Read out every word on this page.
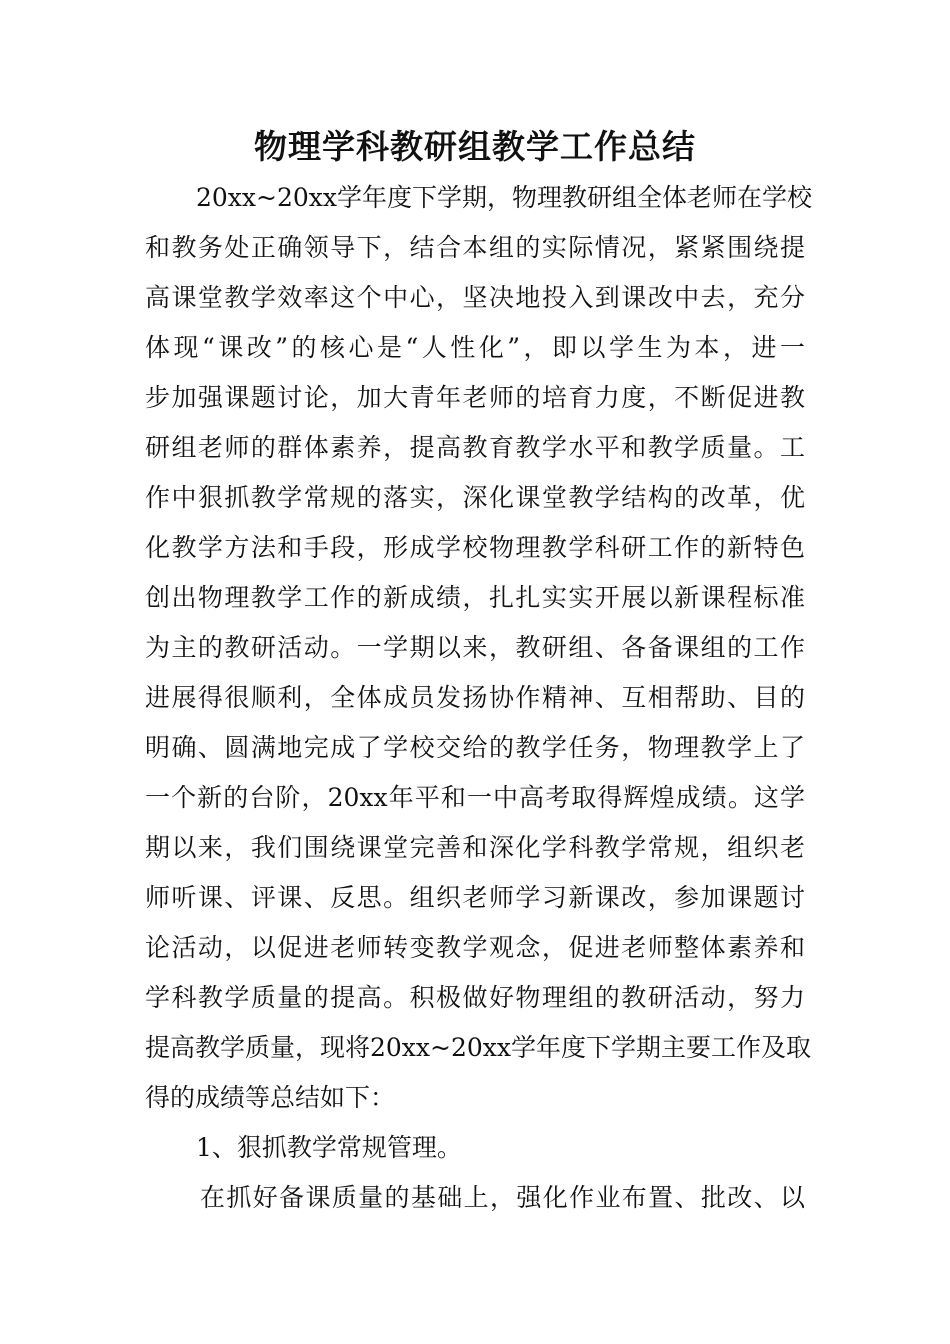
物理学科教研组教学工作总结

20xx~20xx学年度下学期，物理教研组全体老师在学校

和教务处正确领导下，结合本组的实际情况，紧紧围绕提

高课堂教学效率这个中心，坚决地投入到课改中去，充分

体现“课改”的核心是“人性化”，即以学生为本，进一

步加强课题讨论，加大青年老师的培育力度，不断促进教

研组老师的群体素养，提高教育教学水平和教学质量。工

作中狠抓教学常规的落实，深化课堂教学结构的改革，优

化教学方法和手段，形成学校物理教学科研工作的新特色

创出物理教学工作的新成绩，扎扎实实开展以新课程标准

为主的教研活动。一学期以来，教研组、各备课组的工作

进展得很顺利，全体成员发扬协作精神、互相帮助、目的

明确、圆满地完成了学校交给的教学任务，物理教学上了

一个新的台阶，20xx年平和一中高考取得辉煌成绩。这学

期以来，我们围绕课堂完善和深化学科教学常规，组织老

师听课、评课、反思。组织老师学习新课改，参加课题讨

论活动，以促进老师转变教学观念，促进老师整体素养和

学科教学质量的提高。积极做好物理组的教研活动，努力

提高教学质量，现将20xx~20xx学年度下学期主要工作及取

得的成绩等总结如下：

1、狠抓教学常规管理。

在抓好备课质量的基础上，强化作业布置、批改、以
